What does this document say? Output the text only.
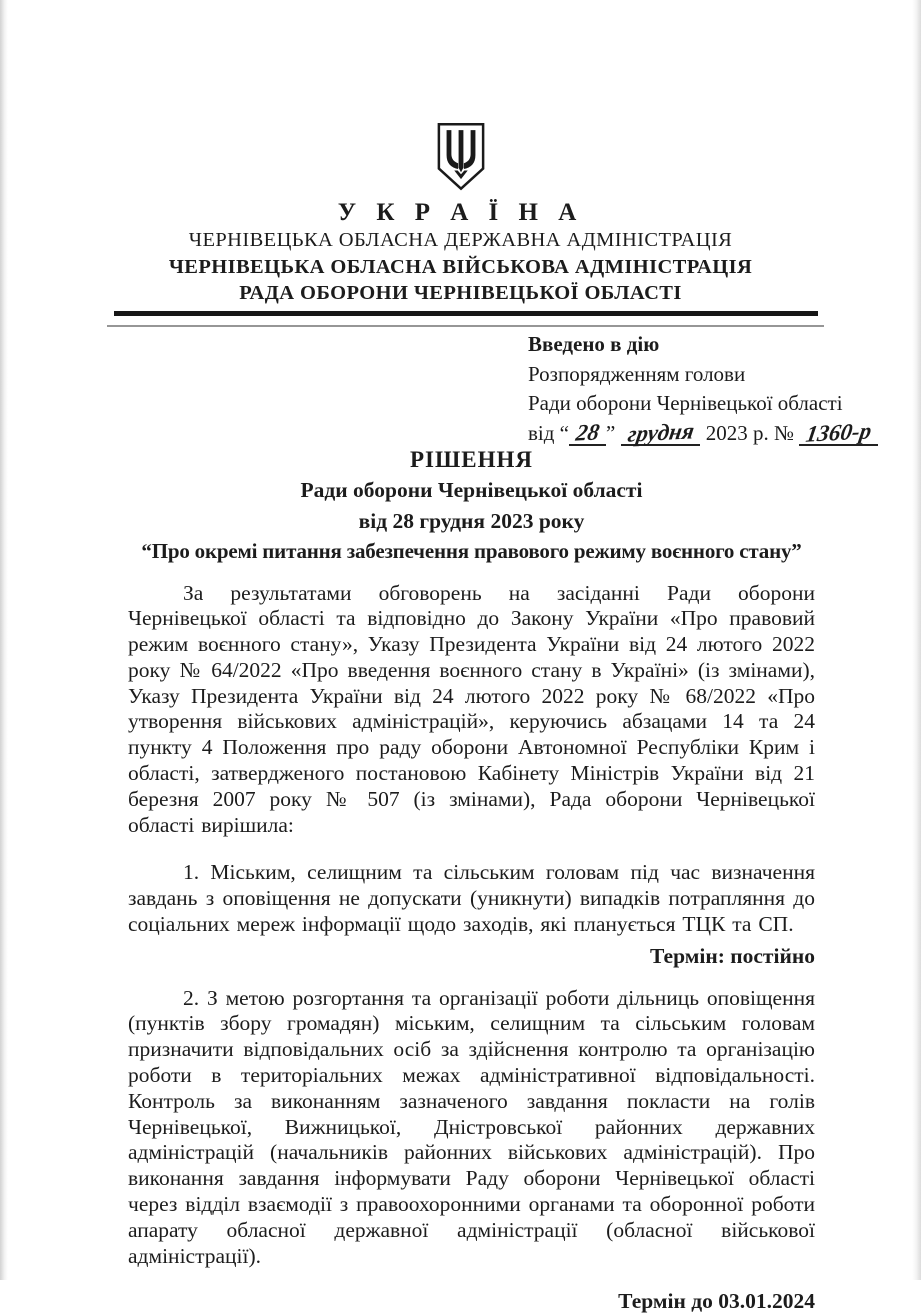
У К Р А Ї Н А
ЧЕРНІВЕЦЬКА ОБЛАСНА ДЕРЖАВНА АДМІНІСТРАЦІЯ
ЧЕРНІВЕЦЬКА ОБЛАСНА ВІЙСЬКОВА АДМІНІСТРАЦІЯ
РАДА ОБОРОНИ ЧЕРНІВЕЦЬКОЇ ОБЛАСТІ
Введено в дію
Розпорядженням голови
Ради оборони Чернівецької області
від “ 28 ” грудня 2023 р. № 1360-р
РІШЕННЯ
Ради оборони Чернівецької області
від 28 грудня 2023 року
“Про окремі питання забезпечення правового режиму воєнного стану”

За результатами обговорень на засіданні Ради оборони Чернівецької області та відповідно до Закону України «Про правовий режим воєнного стану», Указу Президента України від 24 лютого 2022 року № 64/2022 «Про введення воєнного стану в Україні» (із змінами), Указу Президента України від 24 лютого 2022 року № 68/2022 «Про утворення військових адміністрацій», керуючись абзацами 14 та 24 пункту 4 Положення про раду оборони Автономної Республіки Крим і області, затвердженого постановою Кабінету Міністрів України від 21 березня 2007 року № 507 (із змінами), Рада оборони Чернівецької області вирішила:

1. Міським, селищним та сільським головам під час визначення завдань з оповіщення не допускати (уникнути) випадків потрапляння до соціальних мереж інформації щодо заходів, які планується ТЦК та СП.

Термін: постійно

2. З метою розгортання та організації роботи дільниць оповіщення (пунктів збору громадян) міським, селищним та сільським головам призначити відповідальних осіб за здійснення контролю та організацію роботи в територіальних межах адміністративної відповідальності. Контроль за виконанням зазначеного завдання покласти на голів Чернівецької, Вижницької, Дністровської районних державних адміністрацій (начальників районних військових адміністрацій). Про виконання завдання інформувати Раду оборони Чернівецької області через відділ взаємодії з правоохоронними органами та оборонної роботи апарату обласної державної адміністрації (обласної військової адміністрації).

Термін до 03.01.2024
